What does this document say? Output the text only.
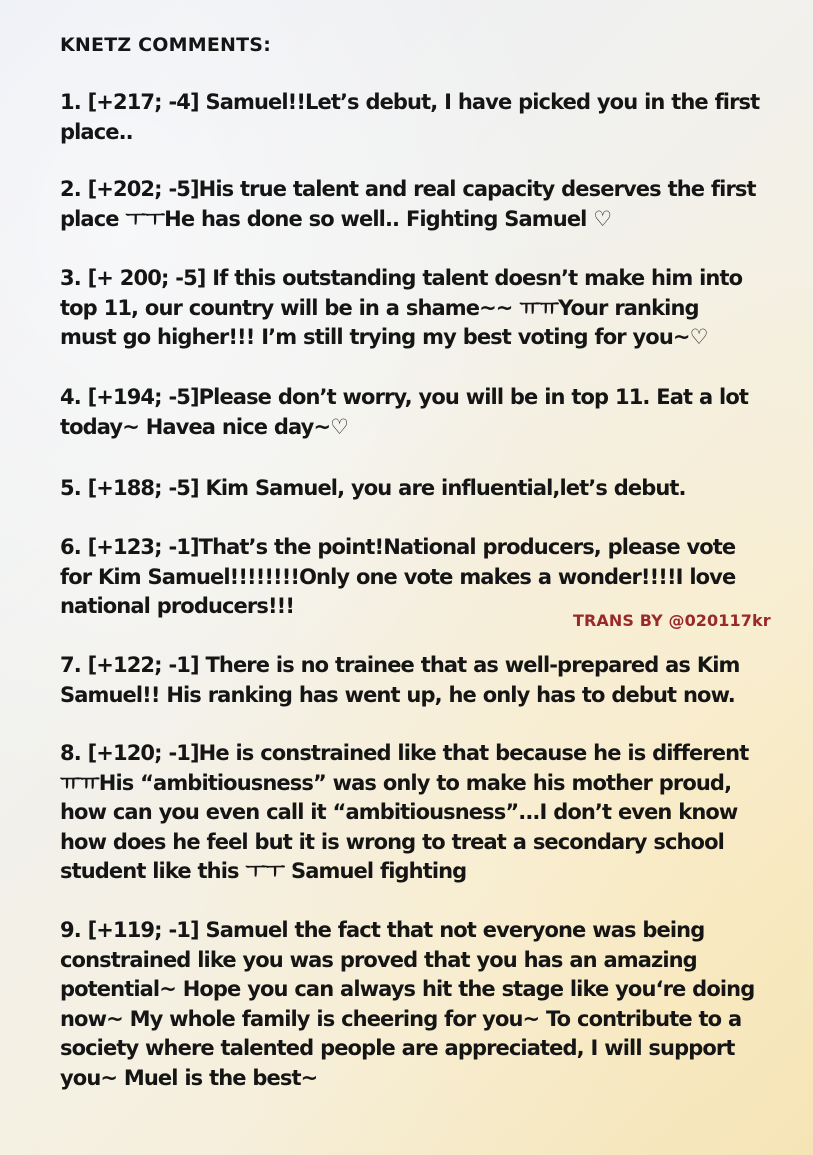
KNETZ COMMENTS:

1. [+217; -4] Samuel!!Let’s debut, I have picked you in the first place..

2. [+202; -5]His true talent and real capacity deserves the first place ㅜㅜHe has done so well.. Fighting Samuel ♡

3. [+ 200; -5] If this outstanding talent doesn’t make him into top 11, our country will be in a shame~~ ㅠㅠYour ranking must go higher!!! I’m still trying my best voting for you~♡

4. [+194; -5]Please don’t worry, you will be in top 11. Eat a lot today~ Havea nice day~♡

5. [+188; -5] Kim Samuel, you are influential,let’s debut.

6. [+123; -1]That’s the point!National producers, please vote for Kim Samuel!!!!!!!!Only one vote makes a wonder!!!!I love national producers!!!

TRANS BY @020117kr

7. [+122; -1] There is no trainee that as well-prepared as Kim Samuel!! His ranking has went up, he only has to debut now.

8. [+120; -1]He is constrained like that because he is different ㅠㅠHis “ambitiousness” was only to make his mother proud, how can you even call it “ambitiousness”...I don’t even know how does he feel but it is wrong to treat a secondary school student like this ㅜㅜ Samuel fighting

9. [+119; -1] Samuel the fact that not everyone was being constrained like you was proved that you has an amazing potential~ Hope you can always hit the stage like you‘re doing now~ My whole family is cheering for you~ To contribute to a society where talented people are appreciated, I will support you~ Muel is the best~
